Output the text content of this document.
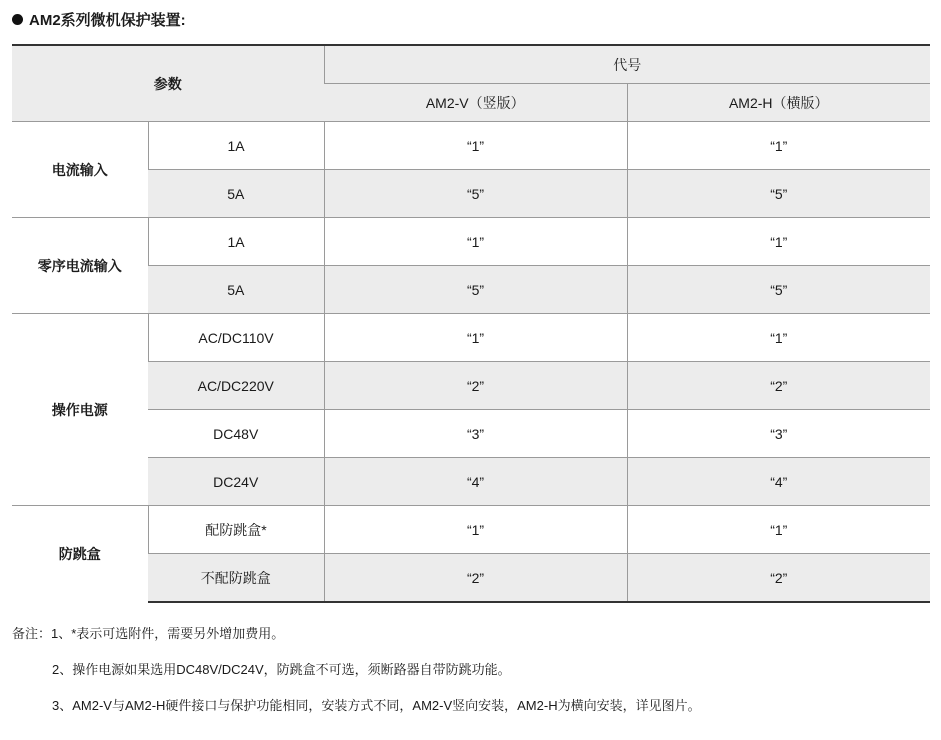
AM2系列微机保护装置:
参数		代号	
		AM2-V（竖版）	AM2-H（横版）
电流输入	1A	“1”	“1”
	5A	“5”	“5”
零序电流输入	1A	“1”	“1”
	5A	“5”	“5”
操作电源	AC/DC110V	“1”	“1”
	AC/DC220V	“2”	“2”
	DC48V	“3”	“3”
	DC24V	“4”	“4”
防跳盒	配防跳盒*	“1”	“1”
	不配防跳盒	“2”	“2”
备注：1、*表示可选附件，需要另外增加费用。
2、操作电源如果选用DC48V/DC24V，防跳盒不可选，须断路器自带防跳功能。
3、AM2-V与AM2-H硬件接口与保护功能相同，安装方式不同，AM2-V竖向安装，AM2-H为横向安装，详见图片。
